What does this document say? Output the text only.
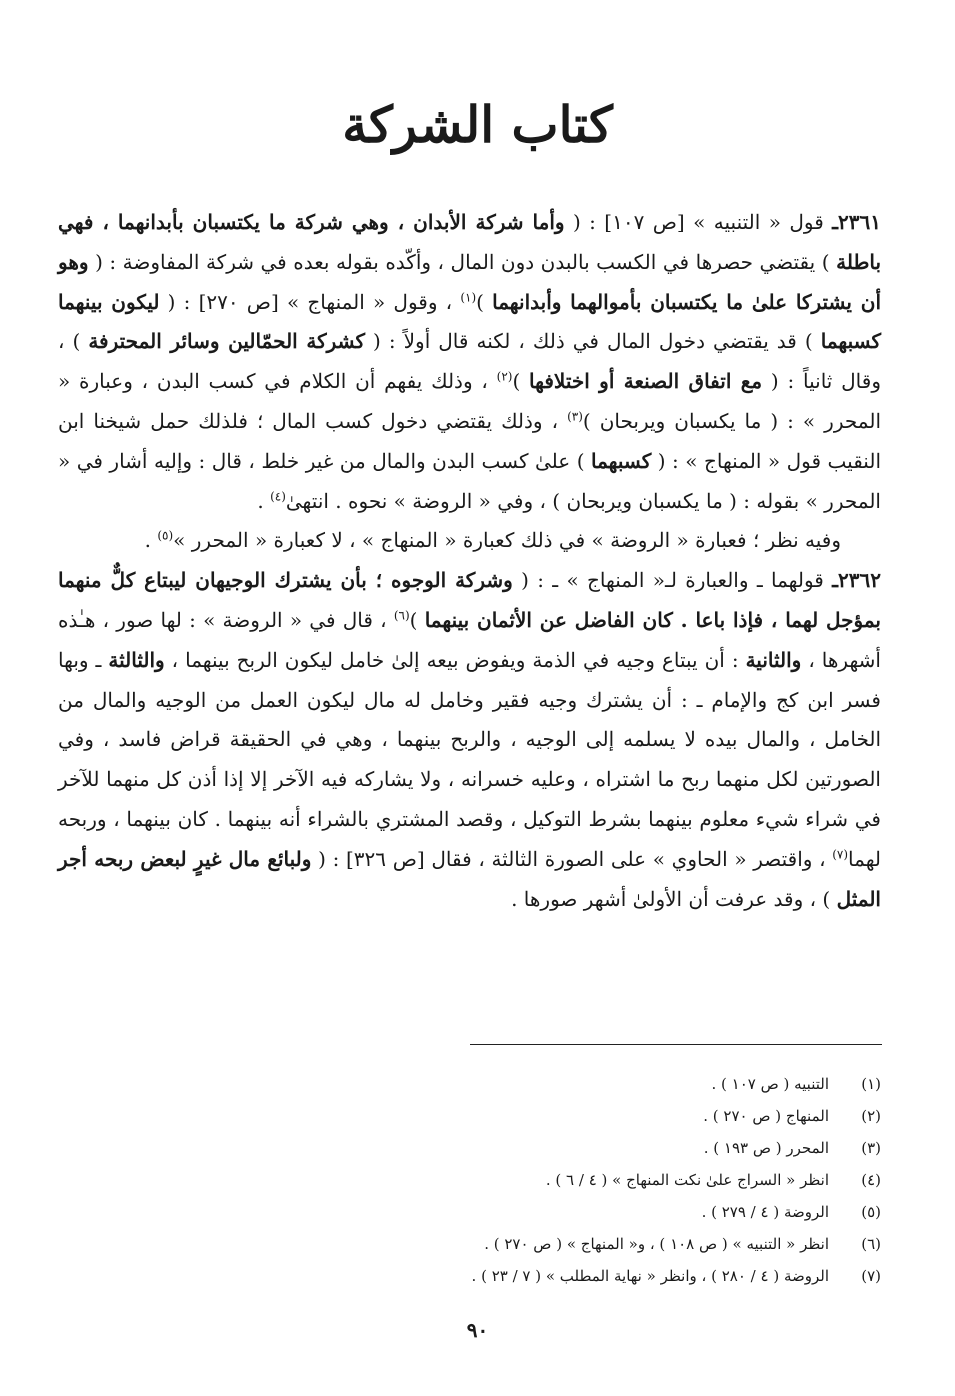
كتاب الشركة

٢٣٦١ـ قول « التنبيه » [ص ١٠٧] : ( وأما شركة الأبدان ، وهي شركة ما يكتسبان بأبدانهما ، فهي باطلة ) يقتضي حصرها في الكسب بالبدن دون المال ، وأكّده بقوله بعده في شركة المفاوضة : ( وهو أن يشتركا علىٰ ما يكتسبان بأموالهما وأبدانهما )$^{(١)}$ ، وقول « المنهاج » [ص ٢٧٠] : ( ليكون بينهما كسبهما ) قد يقتضي دخول المال في ذلك ، لكنه قال أولاً : ( كشركة الحمّالين وسائر المحترفة ) ، وقال ثانياً : ( مع اتفاق الصنعة أو اختلافها )$^{(٢)}$ ، وذلك يفهم أن الكلام في كسب البدن ، وعبارة « المحرر » : ( ما يكسبان ويربحان )$^{(٣)}$ ، وذلك يقتضي دخول كسب المال ؛ فلذلك حمل شيخنا ابن النقيب قول « المنهاج » : ( كسبهما ) علىٰ كسب البدن والمال من غير خلط ، قال : وإليه أشار في « المحرر » بقوله : ( ما يكسبان ويربحان ) ، وفي « الروضة » نحوه . انتهىٰ$^{(٤)}$ .

وفيه نظر ؛ فعبارة « الروضة » في ذلك كعبارة « المنهاج » ، لا كعبارة « المحرر »$^{(٥)}$ .

٢٣٦٢ـ قولهما ـ والعبارة لـ« المنهاج » ـ : ( وشركة الوجوه ؛ بأن يشترك الوجيهان ليبتاع كلٌّ منهما بمؤجل لهما ، فإذا باعا . كان الفاضل عن الأثمان بينهما )$^{(٦)}$ ، قال في « الروضة » : لها صور ، هـٰذه أشهرها ، والثانية : أن يبتاع وجيه في الذمة ويفوض بيعه إلىٰ خامل ليكون الربح بينهما ، والثالثة ـ وبها فسر ابن كج والإمام ـ : أن يشترك وجيه فقير وخامل له مال ليكون العمل من الوجيه والمال من الخامل ، والمال بيده لا يسلمه إلى الوجيه ، والربح بينهما ، وهي في الحقيقة قراض فاسد ، وفي الصورتين لكل منهما ربح ما اشتراه ، وعليه خسرانه ، ولا يشاركه فيه الآخر إلا إذا أذن كل منهما للآخر في شراء شيء معلوم بينهما بشرط التوكيل ، وقصد المشتري بالشراء أنه بينهما . كان بينهما ، وربحه لهما$^{(٧)}$ ، واقتصر « الحاوي » على الصورة الثالثة ، فقال [ص ٣٢٦] : ( ولبائع مال غيرٍ لبعض ربحه أجر المثل ) ، وقد عرفت أن الأولىٰ أشهر صورها .

(١)
التنبيه ( ص ١٠٧ ) .
(٢)
المنهاج ( ص ٢٧٠ ) .
(٣)
المحرر ( ص ١٩٣ ) .
(٤)
انظر « السراج علىٰ نكت المنهاج » ( ٤ / ٦ ) .
(٥)
الروضة ( ٤ / ٢٧٩ ) .
(٦)
انظر « التنبيه » ( ص ١٠٨ ) ، و« المنهاج » ( ص ٢٧٠ ) .
(٧)
الروضة ( ٤ / ٢٨٠ ) ، وانظر « نهاية المطلب » ( ٧ / ٢٣ ) .
٩٠
